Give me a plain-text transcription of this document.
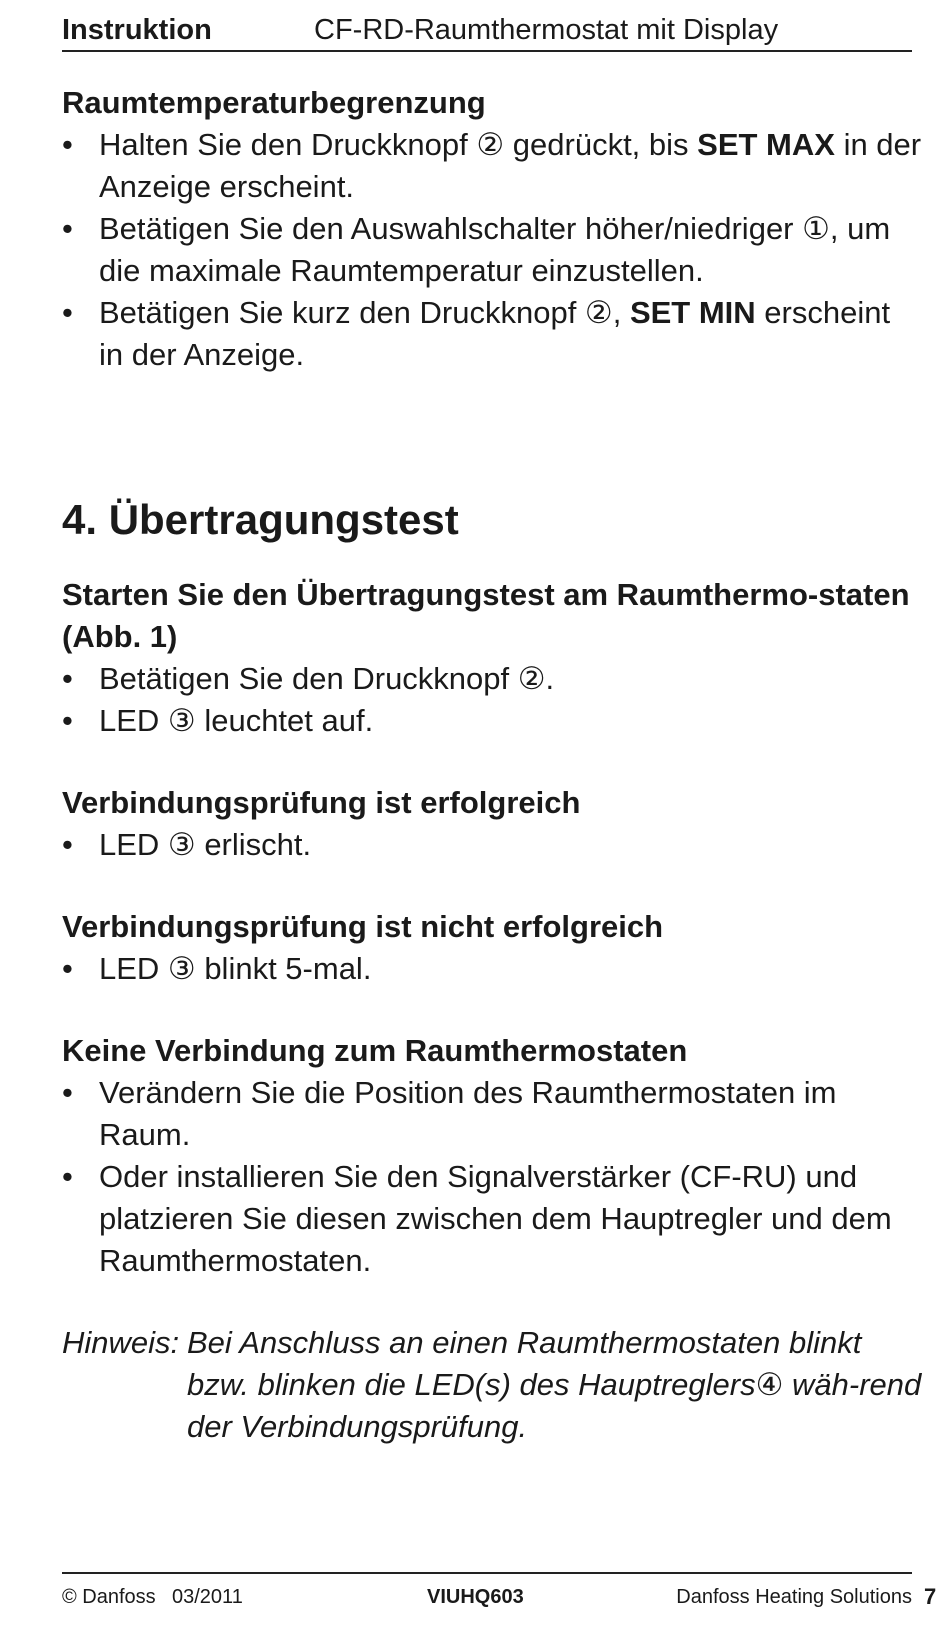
Instruktion	CF-RD-Raumthermostat mit Display

Raumtemperaturbegrenzung

• Halten Sie den Druckknopf ② gedrückt, bis SET MAX in der Anzeige erscheint.
• Betätigen Sie den Auswahlschalter höher/niedriger ①, um die maximale Raumtemperatur einzustellen.
• Betätigen Sie kurz den Druckknopf ②, SET MIN erscheint in der Anzeige.
4. Übertragungstest

Starten Sie den Übertragungstest am Raumthermo-staten (Abb. 1)

• Betätigen Sie den Druckknopf ②.
• LED ③ leuchtet auf.

Verbindungsprüfung ist erfolgreich

• LED ③ erlischt.

Verbindungsprüfung ist nicht erfolgreich

• LED ③ blinkt 5-mal.

Keine Verbindung zum Raumthermostaten

• Verändern Sie die Position des Raumthermostaten im Raum.
• Oder installieren Sie den Signalverstärker (CF-RU) und platzieren Sie diesen zwischen dem Hauptregler und dem Raumthermostaten.
Hinweis: Bei Anschluss an einen Raumthermostaten blinkt bzw. blinken die LED(s) des Hauptreglers④ wäh-rend der Verbindungsprüfung.
© Danfoss 03/2011	VIUHQ603	Danfoss Heating Solutions 7
